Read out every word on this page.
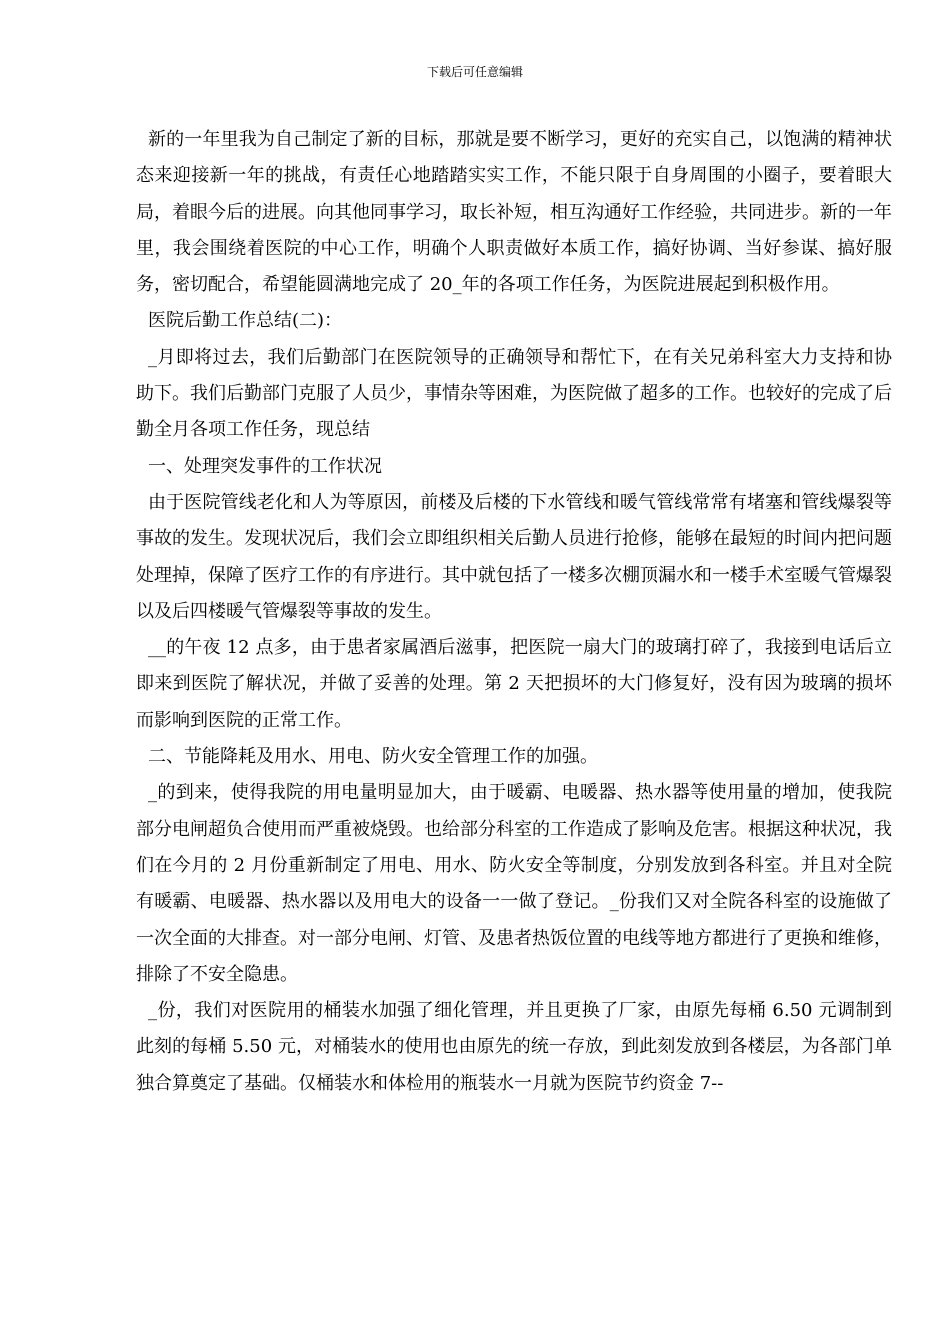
下载后可任意编辑

新的一年里我为自己制定了新的目标，那就是要不断学习，更好的充实自己，以饱满的精神状态来迎接新一年的挑战，有责任心地踏踏实实工作，不能只限于自身周围的小圈子，要着眼大局，着眼今后的进展。向其他同事学习，取长补短，相互沟通好工作经验，共同进步。新的一年里，我会围绕着医院的中心工作，明确个人职责做好本质工作，搞好协调、当好参谋、搞好服务，密切配合，希望能圆满地完成了 20_年的各项工作任务，为医院进展起到积极作用。

医院后勤工作总结(二)：

_月即将过去，我们后勤部门在医院领导的正确领导和帮忙下，在有关兄弟科室大力支持和协助下。我们后勤部门克服了人员少，事情杂等困难，为医院做了超多的工作。也较好的完成了后勤全月各项工作任务，现总结

一、处理突发事件的工作状况

由于医院管线老化和人为等原因，前楼及后楼的下水管线和暖气管线常常有堵塞和管线爆裂等事故的发生。发现状况后，我们会立即组织相关后勤人员进行抢修，能够在最短的时间内把问题处理掉，保障了医疗工作的有序进行。其中就包括了一楼多次棚顶漏水和一楼手术室暖气管爆裂以及后四楼暖气管爆裂等事故的发生。

__的午夜 12 点多，由于患者家属酒后滋事，把医院一扇大门的玻璃打碎了，我接到电话后立即来到医院了解状况，并做了妥善的处理。第 2 天把损坏的大门修复好，没有因为玻璃的损坏而影响到医院的正常工作。

二、节能降耗及用水、用电、防火安全管理工作的加强。

_的到来，使得我院的用电量明显加大，由于暖霸、电暖器、热水器等使用量的增加，使我院部分电闸超负合使用而严重被烧毁。也给部分科室的工作造成了影响及危害。根据这种状况，我们在今月的 2 月份重新制定了用电、用水、防火安全等制度，分别发放到各科室。并且对全院有暖霸、电暖器、热水器以及用电大的设备一一做了登记。_份我们又对全院各科室的设施做了一次全面的大排查。对一部分电闸、灯管、及患者热饭位置的电线等地方都进行了更换和维修，排除了不安全隐患。

_份，我们对医院用的桶装水加强了细化管理，并且更换了厂家，由原先每桶 6.50 元调制到此刻的每桶 5.50 元，对桶装水的使用也由原先的统一存放，到此刻发放到各楼层，为各部门单独合算奠定了基础。仅桶装水和体检用的瓶装水一月就为医院节约资金 7--
